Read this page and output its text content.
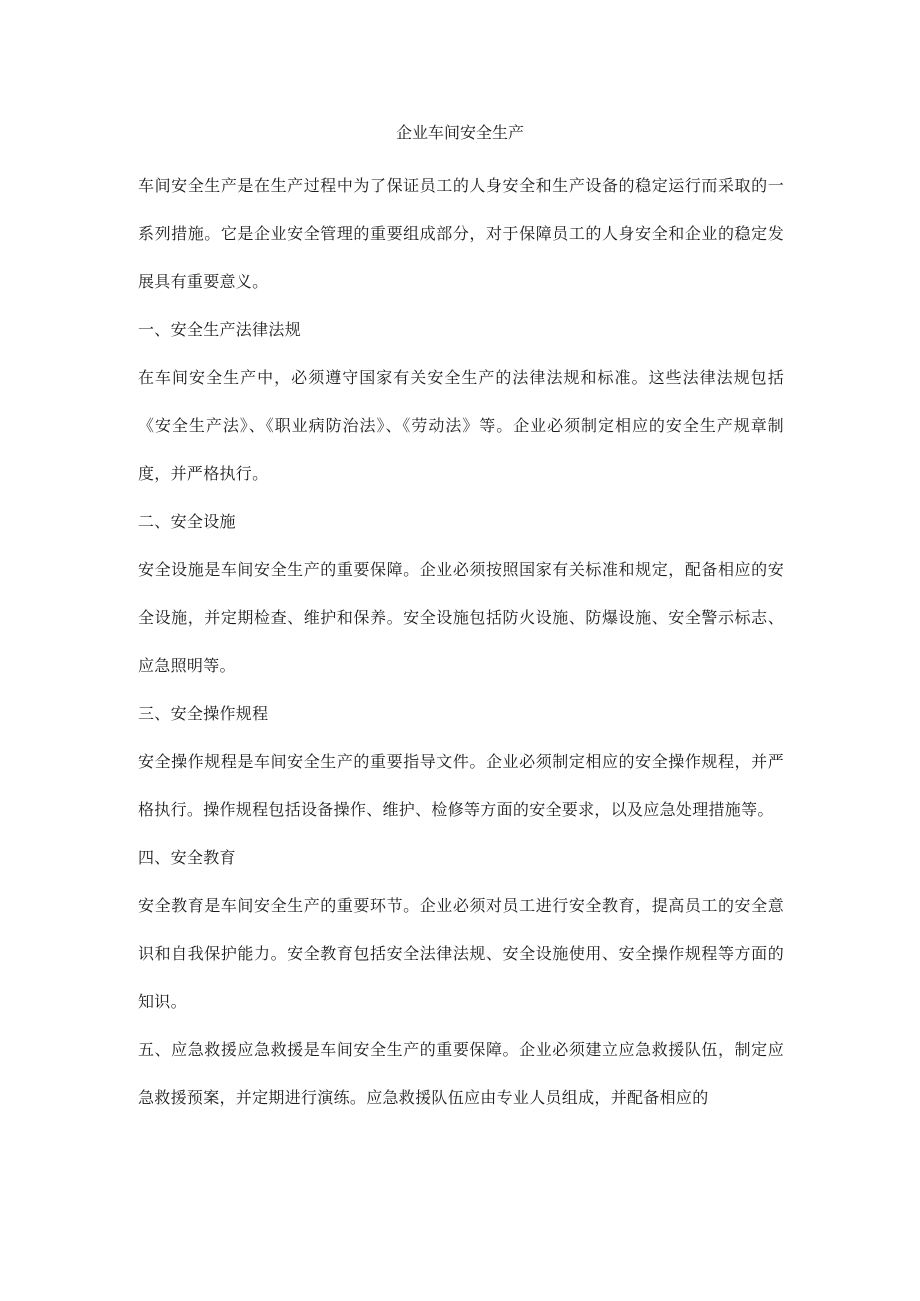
企业车间安全生产

车间安全生产是在生产过程中为了保证员工的人身安全和生产设备的稳定运行而采取的一系列措施。它是企业安全管理的重要组成部分，对于保障员工的人身安全和企业的稳定发展具有重要意义。

一、安全生产法律法规

在车间安全生产中，必须遵守国家有关安全生产的法律法规和标准。这些法律法规包括《安全生产法》、《职业病防治法》、《劳动法》等。企业必须制定相应的安全生产规章制度，并严格执行。

二、安全设施

安全设施是车间安全生产的重要保障。企业必须按照国家有关标准和规定，配备相应的安全设施，并定期检查、维护和保养。安全设施包括防火设施、防爆设施、安全警示标志、应急照明等。

三、安全操作规程

安全操作规程是车间安全生产的重要指导文件。企业必须制定相应的安全操作规程，并严格执行。操作规程包括设备操作、维护、检修等方面的安全要求，以及应急处理措施等。

四、安全教育

安全教育是车间安全生产的重要环节。企业必须对员工进行安全教育，提高员工的安全意识和自我保护能力。安全教育包括安全法律法规、安全设施使用、安全操作规程等方面的知识。

五、应急救援应急救援是车间安全生产的重要保障。企业必须建立应急救援队伍，制定应急救援预案，并定期进行演练。应急救援队伍应由专业人员组成，并配备相应的
